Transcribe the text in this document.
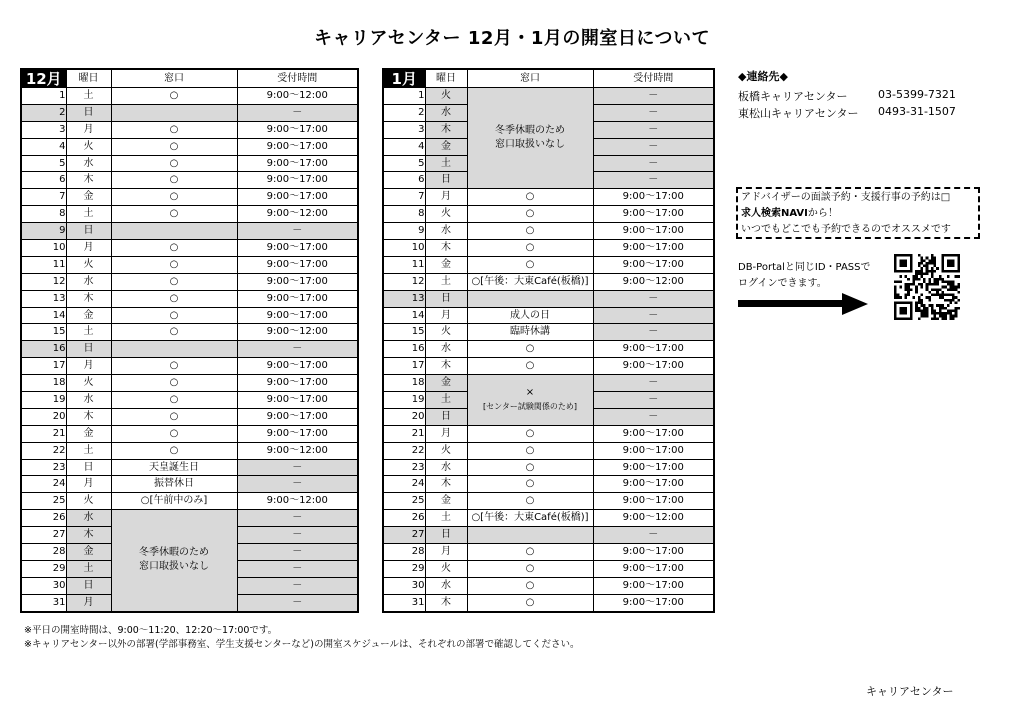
キャリアセンター 12月・1月の開室日について
12月	曜日	窓口	受付時間
1	土	○	9:00～12:00
2	日		－
3	月	○	9:00～17:00
4	火	○	9:00～17:00
5	水	○	9:00～17:00
6	木	○	9:00～17:00
7	金	○	9:00～17:00
8	土	○	9:00～12:00
9	日		－
10	月	○	9:00～17:00
11	火	○	9:00～17:00
12	水	○	9:00～17:00
13	木	○	9:00～17:00
14	金	○	9:00～17:00
15	土	○	9:00～12:00
16	日		－
17	月	○	9:00～17:00
18	火	○	9:00～17:00
19	水	○	9:00～17:00
20	木	○	9:00～17:00
21	金	○	9:00～17:00
22	土	○	9:00～12:00
23	日	天皇誕生日	－
24	月	振替休日	－
25	火	○[午前中のみ]	9:00～12:00
26	水	冬季休暇のため
窓口取扱いなし	－
27	木		－
28	金		－
29	土		－
30	日		－
31	月		－
1月	曜日	窓口	受付時間
1	火	冬季休暇のため
窓口取扱いなし	－
2	水		－
3	木		－
4	金		－
5	土		－
6	日		－
7	月	○	9:00～17:00
8	火	○	9:00～17:00
9	水	○	9:00～17:00
10	木	○	9:00～17:00
11	金	○	9:00～17:00
12	土	○[午後：大東Café(板橋)]	9:00～12:00
13	日		－
14	月	成人の日	－
15	火	臨時休講	－
16	水	○	9:00～17:00
17	木	○	9:00～17:00
18	金	×
[センター試験関係のため]	－
19	土		－
20	日		－
21	月	○	9:00～17:00
22	火	○	9:00～17:00
23	水	○	9:00～17:00
24	木	○	9:00～17:00
25	金	○	9:00～17:00
26	土	○[午後：大東Café(板橋)]	9:00～12:00
27	日		－
28	月	○	9:00～17:00
29	火	○	9:00～17:00
30	水	○	9:00～17:00
31	木	○	9:00～17:00
◆連絡先◆
板橋キャリアセンター	03-5399-7321
東松山キャリアセンター	0493-31-1507
アドバイザーの面談予約・支援行事の予約は□
求人検索NAVIから！
いつでもどこでも予約できるのでオススメです
DB-Portalと同じID・PASSで
ログインできます。
※平日の開室時間は、9:00～11:20、12:20～17:00です。
※キャリアセンター以外の部署(学部事務室、学生支援センターなど)の開室スケジュールは、それぞれの部署で確認してください。
キャリアセンター
